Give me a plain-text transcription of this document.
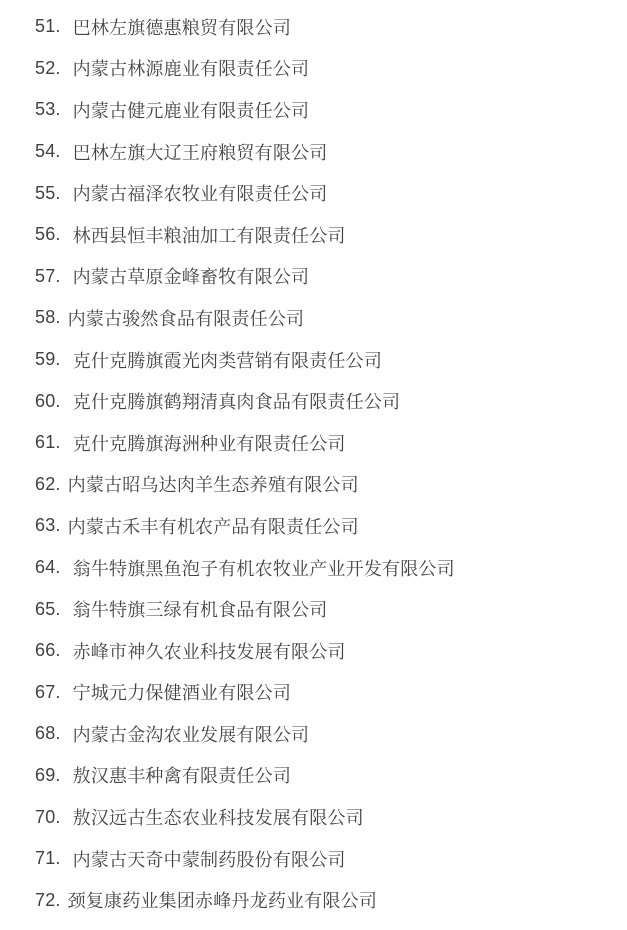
51. 巴林左旗德惠粮贸有限公司
52. 内蒙古林源鹿业有限责任公司
53. 内蒙古健元鹿业有限责任公司
54. 巴林左旗大辽王府粮贸有限公司
55. 内蒙古福泽农牧业有限责任公司
56. 林西县恒丰粮油加工有限责任公司
57. 内蒙古草原金峰畜牧有限公司
58. 内蒙古骏然食品有限责任公司
59. 克什克腾旗霞光肉类营销有限责任公司
60. 克什克腾旗鹤翔清真肉食品有限责任公司
61. 克什克腾旗海洲种业有限责任公司
62. 内蒙古昭乌达肉羊生态养殖有限公司
63. 内蒙古禾丰有机农产品有限责任公司
64. 翁牛特旗黑鱼泡子有机农牧业产业开发有限公司
65. 翁牛特旗三绿有机食品有限公司
66. 赤峰市神久农业科技发展有限公司
67. 宁城元力保健酒业有限公司
68. 内蒙古金沟农业发展有限公司
69. 敖汉惠丰种禽有限责任公司
70. 敖汉远古生态农业科技发展有限公司
71. 内蒙古天奇中蒙制药股份有限公司
72. 颈复康药业集团赤峰丹龙药业有限公司
